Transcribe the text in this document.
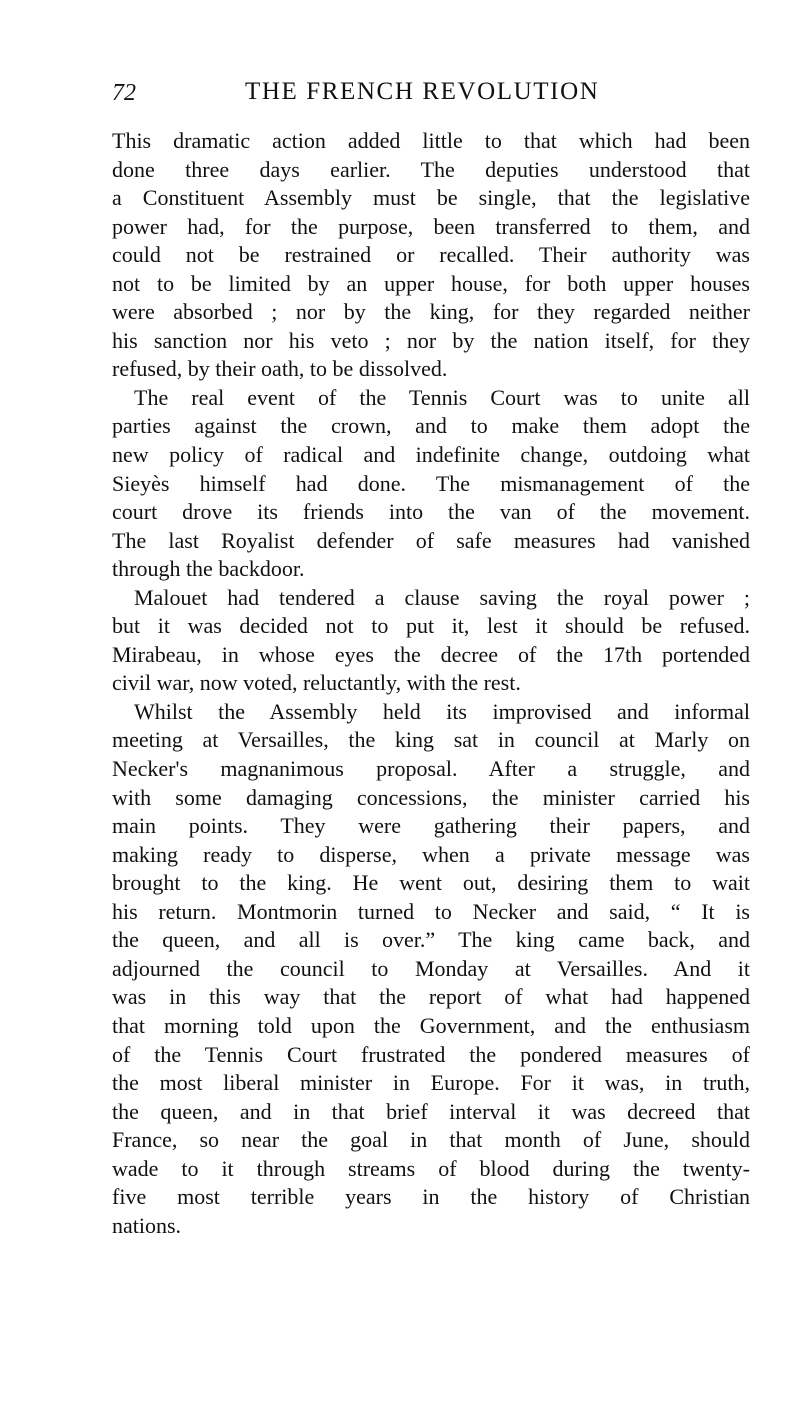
72	THE FRENCH REVOLUTION
This dramatic action added little to that which had been
done three days earlier. The deputies understood that
a Constituent Assembly must be single, that the legislative
power had, for the purpose, been transferred to them, and
could not be restrained or recalled. Their authority was
not to be limited by an upper house, for both upper houses
were absorbed ; nor by the king, for they regarded neither
his sanction nor his veto ; nor by the nation itself, for they
refused, by their oath, to be dissolved.
The real event of the Tennis Court was to unite all
parties against the crown, and to make them adopt the
new policy of radical and indefinite change, outdoing what
Sieyès himself had done. The mismanagement of the
court drove its friends into the van of the movement.
The last Royalist defender of safe measures had vanished
through the backdoor.
Malouet had tendered a clause saving the royal power ;
but it was decided not to put it, lest it should be refused.
Mirabeau, in whose eyes the decree of the 17th portended
civil war, now voted, reluctantly, with the rest.
Whilst the Assembly held its improvised and informal
meeting at Versailles, the king sat in council at Marly on
Necker's magnanimous proposal. After a struggle, and
with some damaging concessions, the minister carried his
main points. They were gathering their papers, and
making ready to disperse, when a private message was
brought to the king. He went out, desiring them to wait
his return. Montmorin turned to Necker and said, “ It is
the queen, and all is over.” The king came back, and
adjourned the council to Monday at Versailles. And it
was in this way that the report of what had happened
that morning told upon the Government, and the enthusiasm
of the Tennis Court frustrated the pondered measures of
the most liberal minister in Europe. For it was, in truth,
the queen, and in that brief interval it was decreed that
France, so near the goal in that month of June, should
wade to it through streams of blood during the twenty-
five most terrible years in the history of Christian
nations.
